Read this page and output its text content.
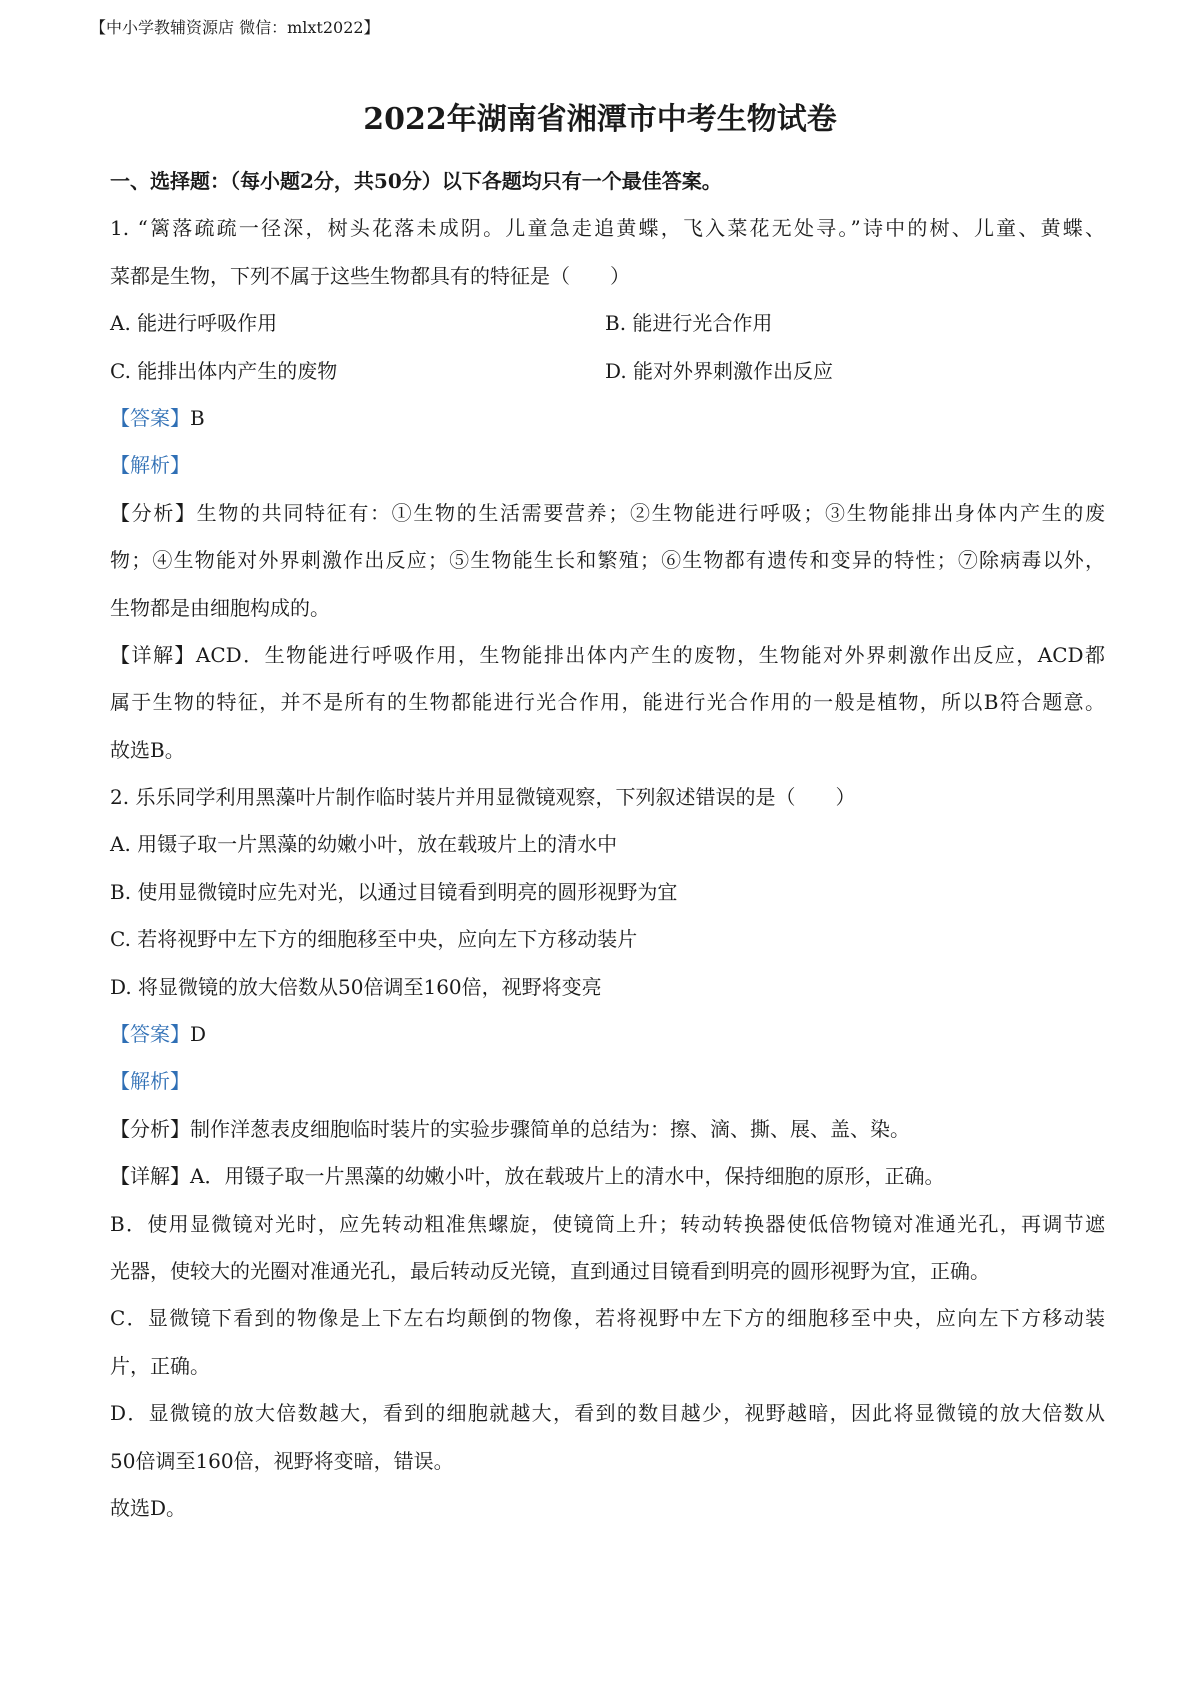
【中小学教辅资源店 微信：mlxt2022】
2022年湖南省湘潭市中考生物试卷
一、选择题：（每小题2分，共50分）以下各题均只有一个最佳答案。
1. “篱落疏疏一径深，树头花落未成阴。儿童急走追黄蝶，飞入菜花无处寻。”诗中的树、儿童、黄蝶、
菜都是生物，下列不属于这些生物都具有的特征是（　　）
A. 能进行呼吸作用	B. 能进行光合作用
C. 能排出体内产生的废物	D. 能对外界刺激作出反应
【答案】B
【解析】
【分析】生物的共同特征有：①生物的生活需要营养；②生物能进行呼吸；③生物能排出身体内产生的废
物；④生物能对外界刺激作出反应；⑤生物能生长和繁殖；⑥生物都有遗传和变异的特性；⑦除病毒以外，
生物都是由细胞构成的。
【详解】ACD．生物能进行呼吸作用，生物能排出体内产生的废物，生物能对外界刺激作出反应，ACD都
属于生物的特征，并不是所有的生物都能进行光合作用，能进行光合作用的一般是植物，所以B符合题意。
故选B。
2. 乐乐同学利用黑藻叶片制作临时装片并用显微镜观察，下列叙述错误的是（　　）
A. 用镊子取一片黑藻的幼嫩小叶，放在载玻片上的清水中
B. 使用显微镜时应先对光，以通过目镜看到明亮的圆形视野为宜
C. 若将视野中左下方的细胞移至中央，应向左下方移动装片
D. 将显微镜的放大倍数从50倍调至160倍，视野将变亮
【答案】D
【解析】
【分析】制作洋葱表皮细胞临时装片的实验步骤简单的总结为：擦、滴、撕、展、盖、染。
【详解】A．用镊子取一片黑藻的幼嫩小叶，放在载玻片上的清水中，保持细胞的原形，正确。
B．使用显微镜对光时，应先转动粗准焦螺旋，使镜筒上升；转动转换器使低倍物镜对准通光孔，再调节遮
光器，使较大的光圈对准通光孔，最后转动反光镜，直到通过目镜看到明亮的圆形视野为宜，正确。
C．显微镜下看到的物像是上下左右均颠倒的物像，若将视野中左下方的细胞移至中央，应向左下方移动装
片，正确。
D．显微镜的放大倍数越大，看到的细胞就越大，看到的数目越少，视野越暗，因此将显微镜的放大倍数从
50倍调至160倍，视野将变暗，错误。
故选D。
